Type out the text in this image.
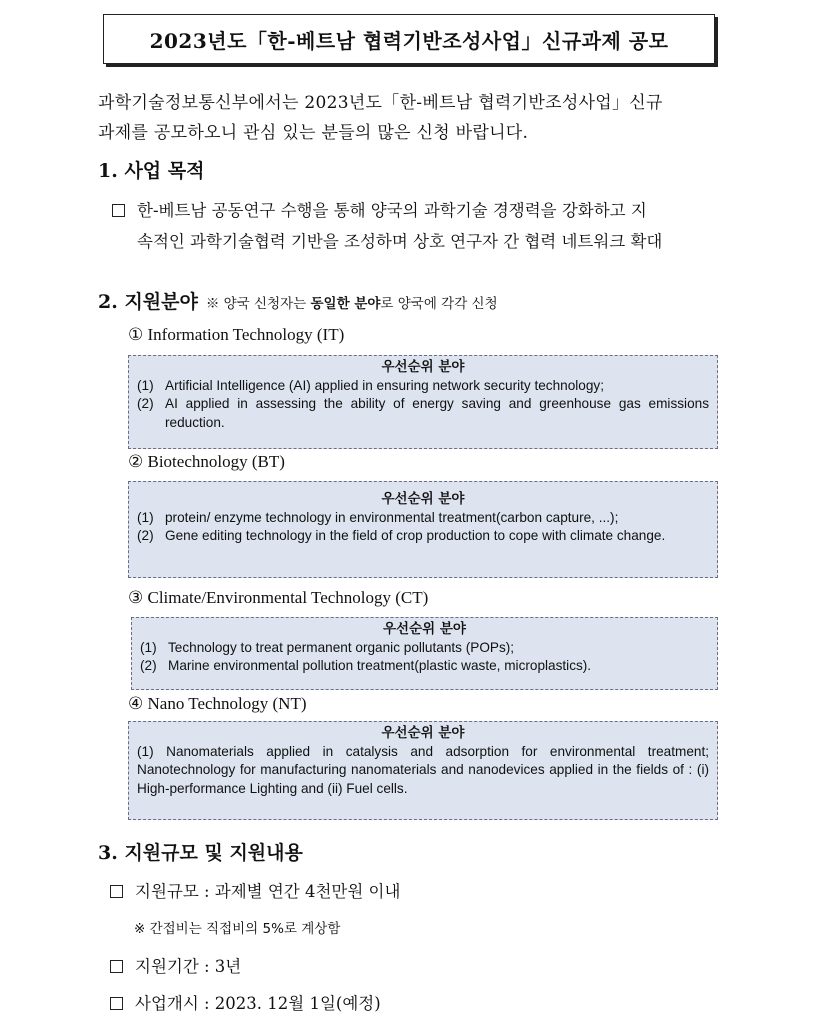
2023년도「한-베트남 협력기반조성사업」신규과제 공모
과학기술정보통신부에서는 2023년도「한-베트남 협력기반조성사업」신규
과제를 공모하오니 관심 있는 분들의 많은 신청 바랍니다.
1. 사업 목적
한-베트남 공동연구 수행을 통해 양국의 과학기술 경쟁력을 강화하고 지
속적인 과학기술협력 기반을 조성하며 상호 연구자 간 협력 네트워크 확대
2. 지원분야 ※ 양국 신청자는 동일한 분야로 양국에 각각 신청
① Information Technology (IT)
우선순위 분야
(1) Artificial Intelligence (AI) applied in ensuring network security technology;
(2) AI applied in assessing the ability of energy saving and greenhouse gas emissions reduction.
② Biotechnology (BT)
우선순위 분야
(1) protein/ enzyme technology in environmental treatment(carbon capture, ...);
(2) Gene editing technology in the field of crop production to cope with climate change.
③ Climate/Environmental Technology (CT)
우선순위 분야
(1) Technology to treat permanent organic pollutants (POPs);
(2) Marine environmental pollution treatment(plastic waste, microplastics).
④ Nano Technology (NT)
우선순위 분야
(1) Nanomaterials applied in catalysis and adsorption for environmental treatment; Nanotechnology for manufacturing nanomaterials and nanodevices applied in the fields of : (i) High-performance Lighting and (ii) Fuel cells.
3. 지원규모 및 지원내용
지원규모 : 과제별 연간 4천만원 이내
※ 간접비는 직접비의 5%로 계상함
지원기간 : 3년
사업개시 : 2023. 12월 1일(예정)
